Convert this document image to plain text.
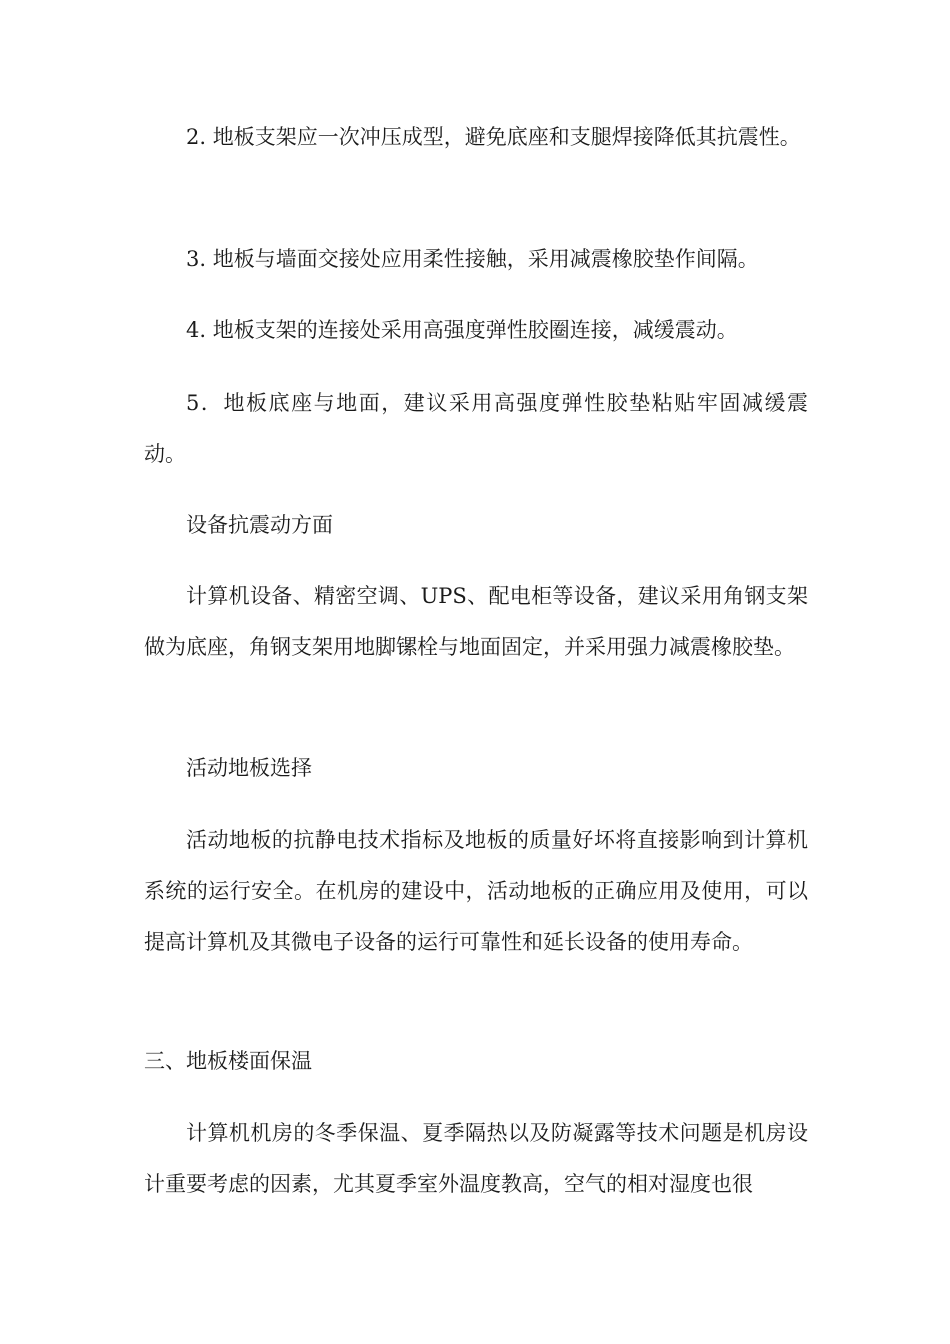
2. 地板支架应一次冲压成型，避免底座和支腿焊接降低其抗震性。

3. 地板与墙面交接处应用柔性接触，采用减震橡胶垫作间隔。

4. 地板支架的连接处采用高强度弹性胶圈连接，减缓震动。

5．地板底座与地面，建议采用高强度弹性胶垫粘贴牢固减缓震动。

设备抗震动方面

计算机设备、精密空调、UPS、配电柜等设备，建议采用角钢支架做为底座，角钢支架用地脚镙栓与地面固定，并采用强力减震橡胶垫。

活动地板选择

活动地板的抗静电技术指标及地板的质量好坏将直接影响到计算机系统的运行安全。在机房的建设中，活动地板的正确应用及使用，可以提高计算机及其微电子设备的运行可靠性和延长设备的使用寿命。

三、地板楼面保温

计算机机房的冬季保温、夏季隔热以及防凝露等技术问题是机房设计重要考虑的因素，尤其夏季室外温度教高，空气的相对湿度也很
